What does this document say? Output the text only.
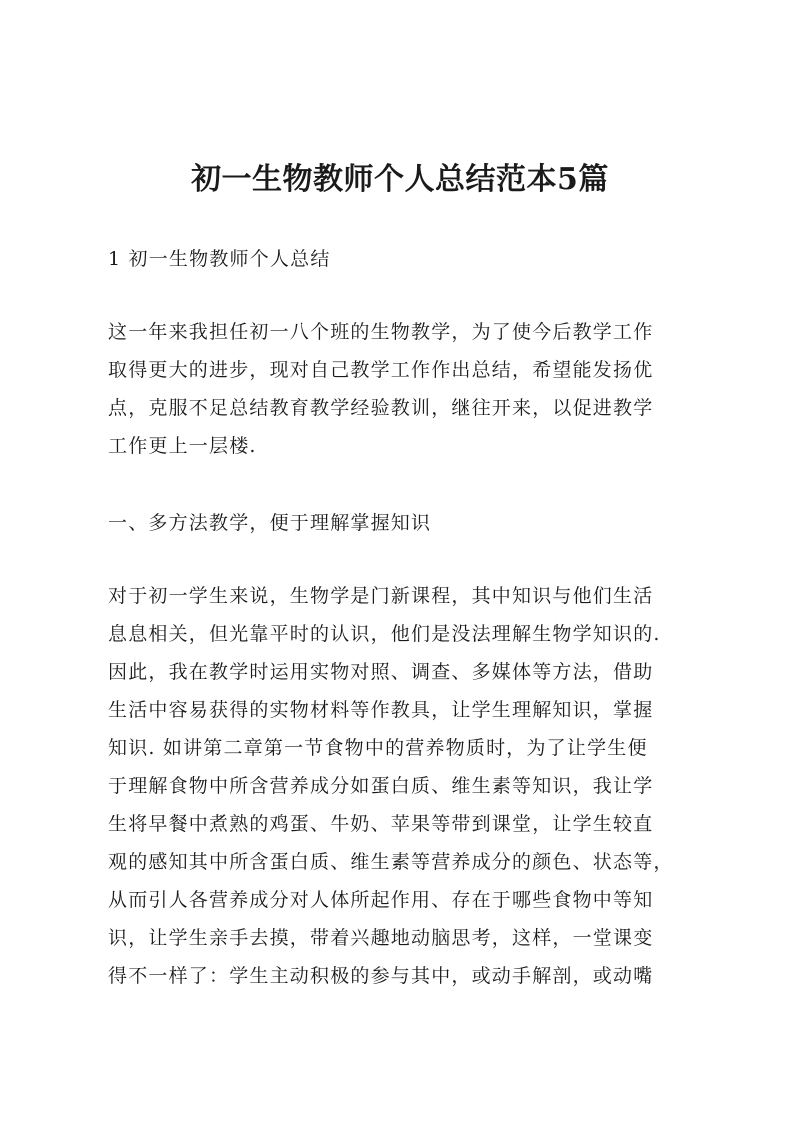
初一生物教师个人总结范本5篇
1 初一生物教师个人总结
这一年来我担任初一八个班的生物教学，为了使今后教学工作
取得更大的进步，现对自己教学工作作出总结，希望能发扬优
点，克服不足总结教育教学经验教训，继往开来，以促进教学
工作更上一层楼.
一、多方法教学，便于理解掌握知识
对于初一学生来说，生物学是门新课程，其中知识与他们生活
息息相关，但光靠平时的认识，他们是没法理解生物学知识的.
因此，我在教学时运用实物对照、调查、多媒体等方法，借助
生活中容易获得的实物材料等作教具，让学生理解知识，掌握
知识. 如讲第二章第一节食物中的营养物质时，为了让学生便
于理解食物中所含营养成分如蛋白质、维生素等知识，我让学
生将早餐中煮熟的鸡蛋、牛奶、苹果等带到课堂，让学生较直
观的感知其中所含蛋白质、维生素等营养成分的颜色、状态等，
从而引人各营养成分对人体所起作用、存在于哪些食物中等知
识，让学生亲手去摸，带着兴趣地动脑思考，这样，一堂课变
得不一样了：学生主动积极的参与其中，或动手解剖，或动嘴
